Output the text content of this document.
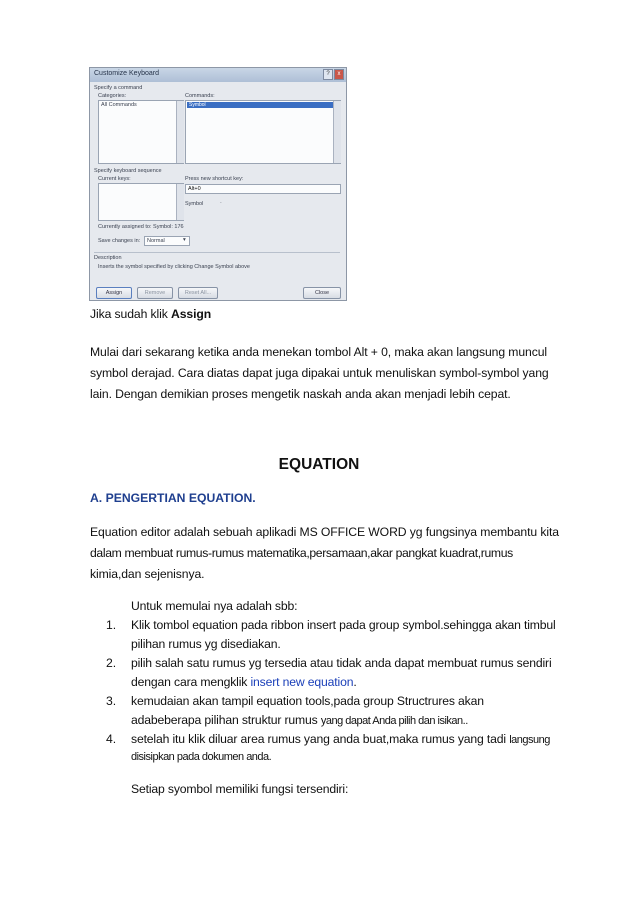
Customize Keyboard	?	x
Specify a command
Categories:
All Commands
Commands:
Symbol
Specify keyboard sequence
Current keys:	Press new shortcut key:
Alt+0
Symbol	·
Currently assigned to: Symbol: 176
Save changes in: Normal	▾
Description
Inserts the symbol specified by clicking Change Symbol above
Assign	Remove	Reset All...	Close
Jika sudah klik Assign
Mulai dari sekarang ketika anda menekan tombol Alt + 0, maka akan langsung muncul
symbol derajad. Cara diatas dapat juga dipakai untuk menuliskan symbol-symbol yang
lain. Dengan demikian proses mengetik naskah anda akan menjadi lebih cepat.
EQUATION
A. PENGERTIAN EQUATION.
Equation editor adalah sebuah aplikadi MS OFFICE WORD yg fungsinya membantu kita
dalam membuat rumus-rumus matematika,persamaan,akar pangkat kuadrat,rumus
kimia,dan sejenisnya.
Untuk memulai nya adalah sbb:
1. Klik tombol equation pada ribbon insert pada group symbol.sehingga akan timbul
pilihan rumus yg disediakan.
2. pilih salah satu rumus yg tersedia atau tidak anda dapat membuat rumus sendiri
dengan cara mengklik insert new equation.
3. kemudaian akan tampil equation tools,pada group Structrures akan
adabeberapa pilihan struktur rumus yang dapat Anda pilih dan isikan..
4. setelah itu klik diluar area rumus yang anda buat,maka rumus yang tadi langsung
disisipkan pada dokumen anda.
Setiap syombol memiliki fungsi tersendiri:
